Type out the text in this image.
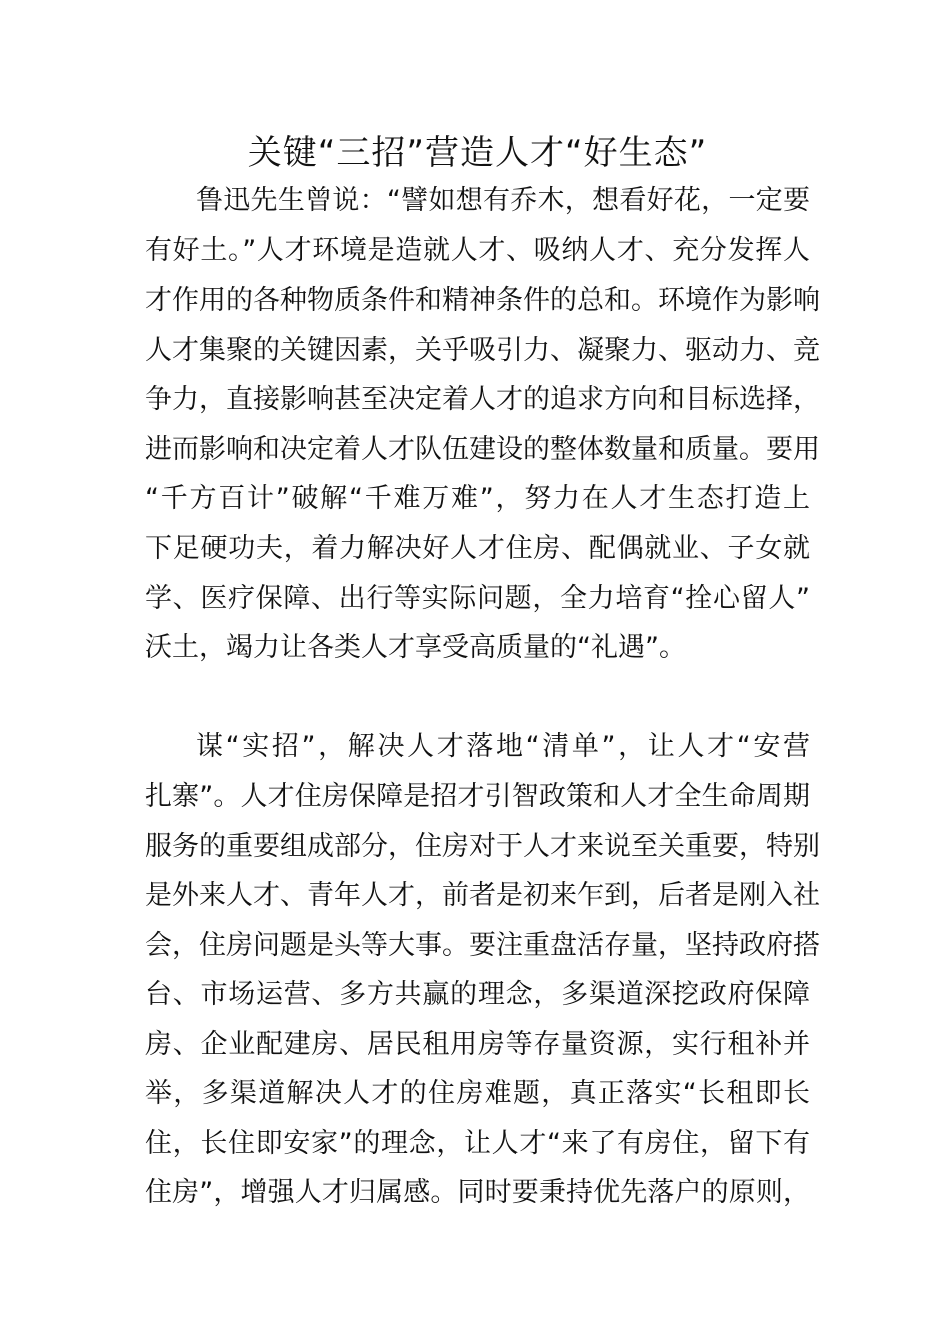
关键“三招”营造人才“好生态”

鲁迅先生曾说：“譬如想有乔木，想看好花，一定要

有好土。”人才环境是造就人才、吸纳人才、充分发挥人

才作用的各种物质条件和精神条件的总和。环境作为影响

人才集聚的关键因素，关乎吸引力、凝聚力、驱动力、竞

争力，直接影响甚至决定着人才的追求方向和目标选择，

进而影响和决定着人才队伍建设的整体数量和质量。要用

“千方百计”破解“千难万难”，努力在人才生态打造上

下足硬功夫，着力解决好人才住房、配偶就业、子女就

学、医疗保障、出行等实际问题，全力培育“拴心留人”

沃土，竭力让各类人才享受高质量的“礼遇”。

谋“实招”，解决人才落地“清单”，让人才“安营

扎寨”。人才住房保障是招才引智政策和人才全生命周期

服务的重要组成部分，住房对于人才来说至关重要，特别

是外来人才、青年人才，前者是初来乍到，后者是刚入社

会，住房问题是头等大事。要注重盘活存量，坚持政府搭

台、市场运营、多方共赢的理念，多渠道深挖政府保障

房、企业配建房、居民租用房等存量资源，实行租补并

举，多渠道解决人才的住房难题，真正落实“长租即长

住，长住即安家”的理念，让人才“来了有房住，留下有

住房”，增强人才归属感。同时要秉持优先落户的原则，
